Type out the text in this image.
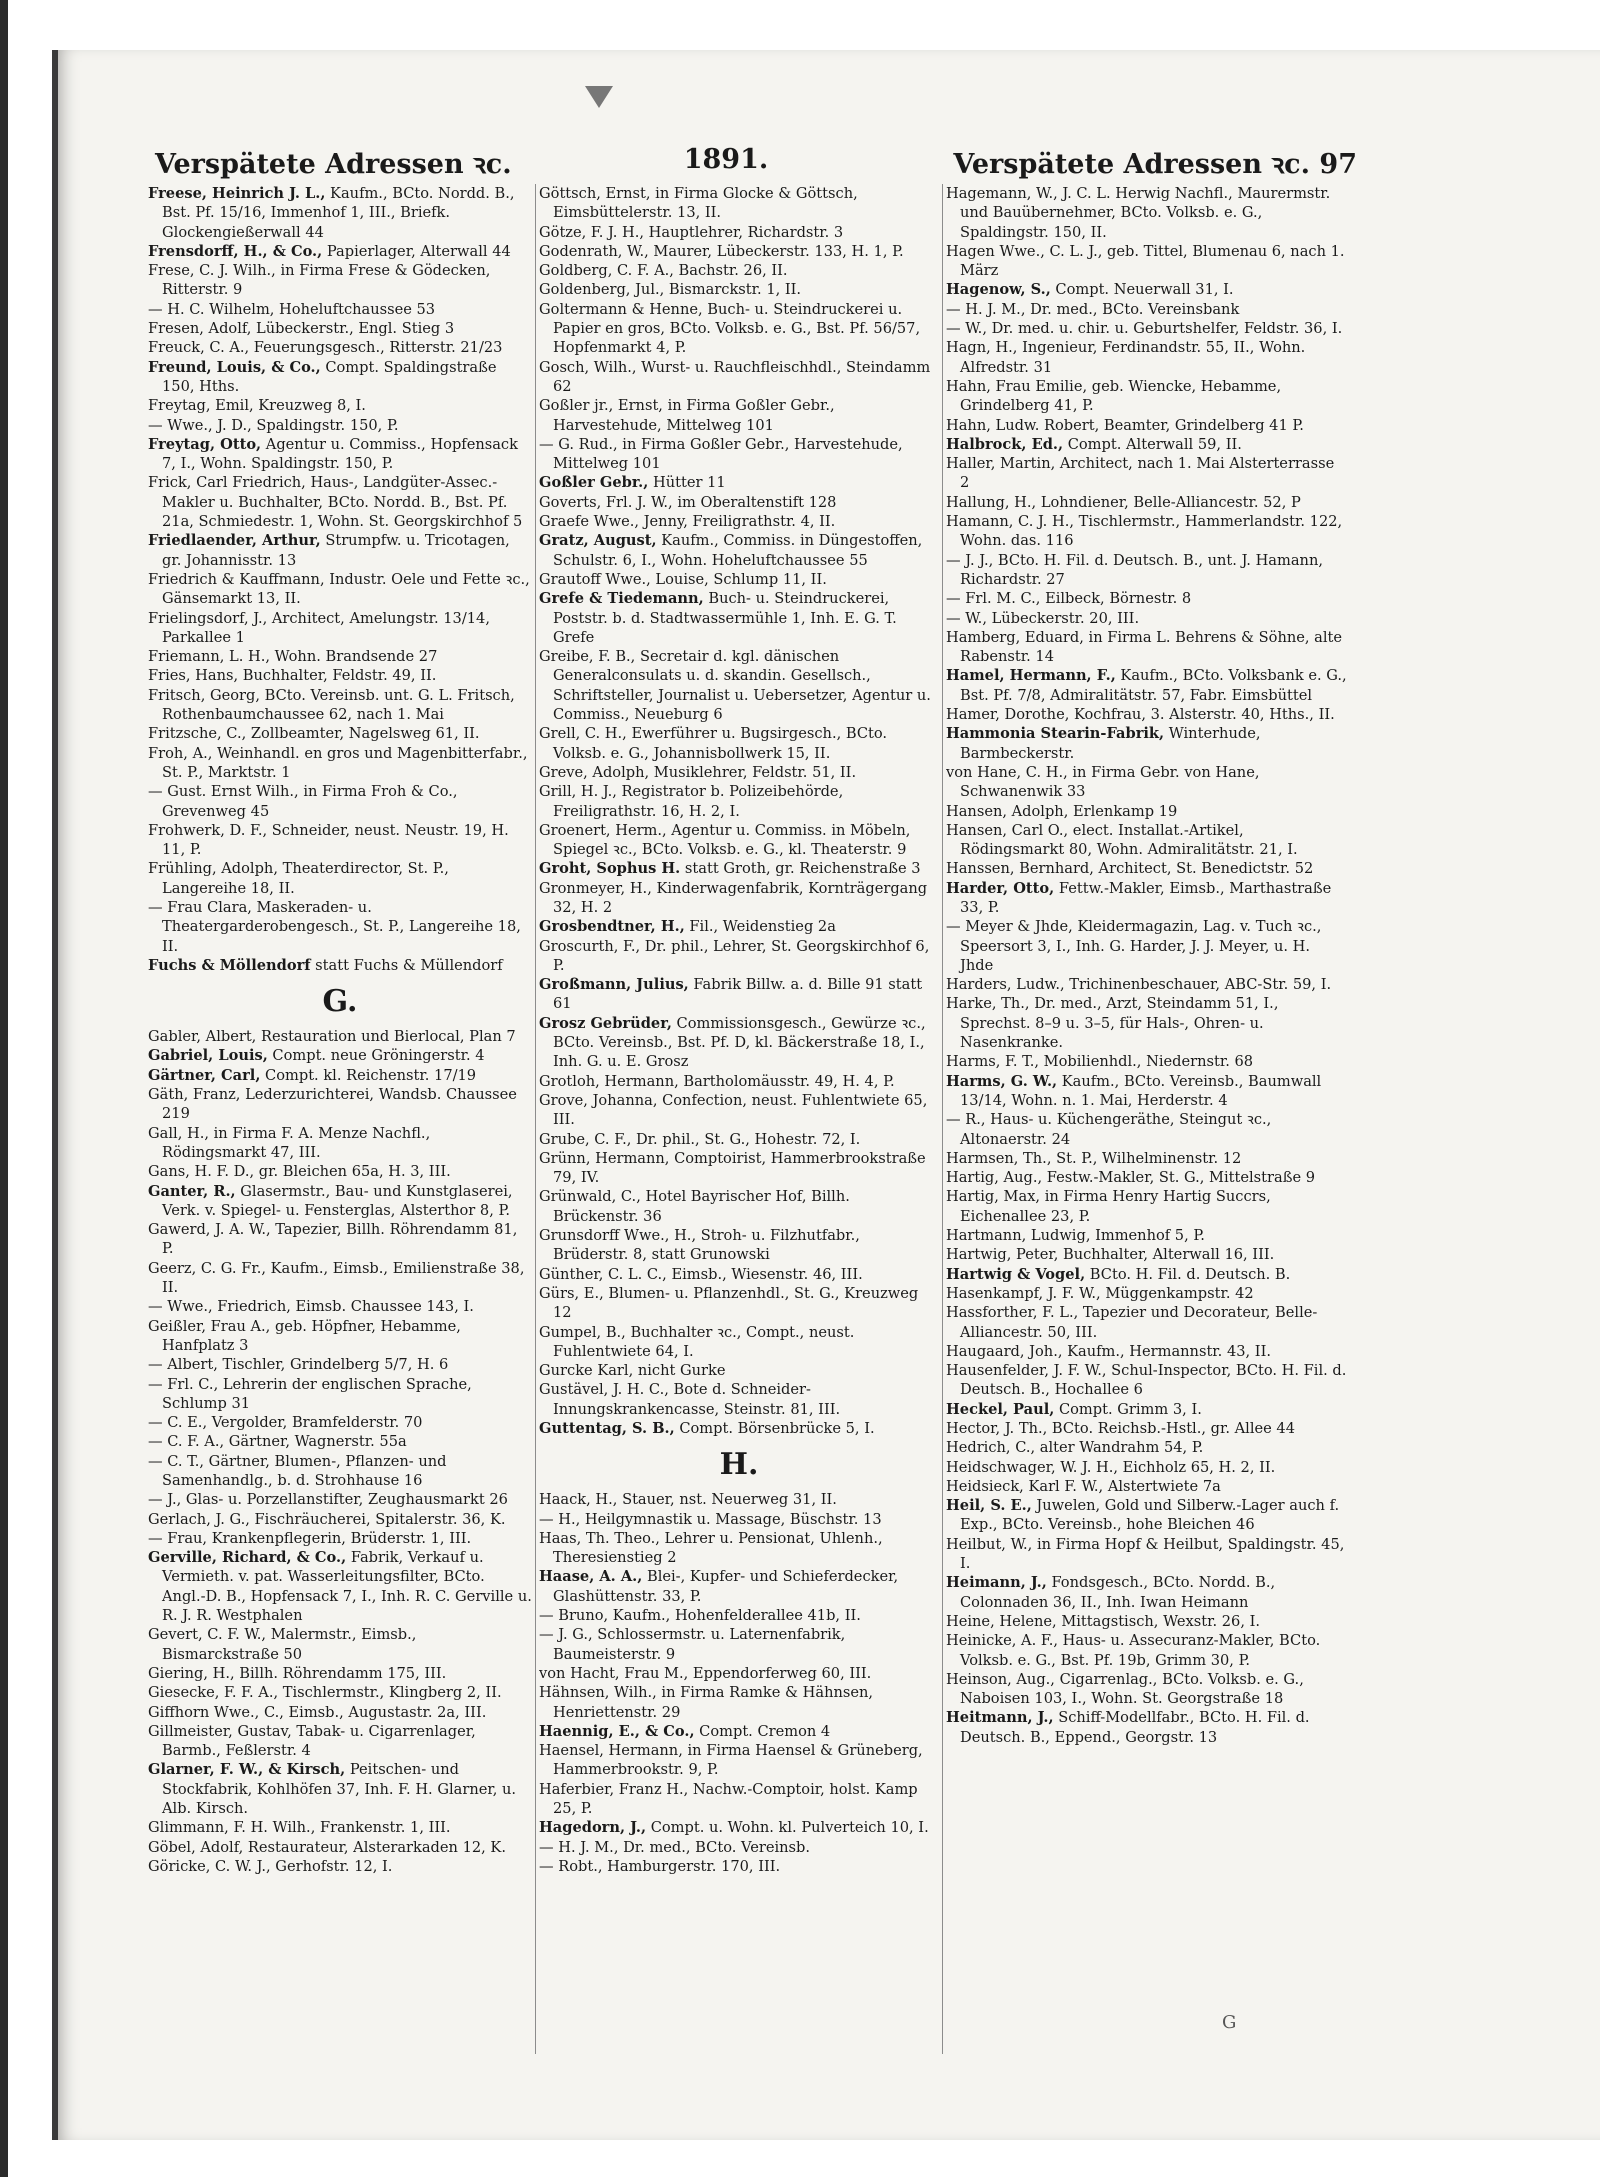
Verspätete Adressen ꝛc.	1891.	Verspätete Adressen ꝛc. 97

Freese, Heinrich J. L., Kaufm., BCto. Nordd. B., Bst. Pf. 15/16, Immenhof 1, III., Briefk. Glockengießerwall 44

Frensdorff, H., & Co., Papierlager, Alterwall 44

Frese, C. J. Wilh., in Firma Frese & Gödecken, Ritterstr. 9

— H. C. Wilhelm, Hoheluftchaussee 53

Fresen, Adolf, Lübeckerstr., Engl. Stieg 3

Freuck, C. A., Feuerungsgesch., Ritterstr. 21/23

Freund, Louis, & Co., Compt. Spaldingstraße 150, Hths.

Freytag, Emil, Kreuzweg 8, I.

— Wwe., J. D., Spaldingstr. 150, P.

Freytag, Otto, Agentur u. Commiss., Hopfensack 7, I., Wohn. Spaldingstr. 150, P.

Frick, Carl Friedrich, Haus-, Landgüter-Assec.-Makler u. Buchhalter, BCto. Nordd. B., Bst. Pf. 21a, Schmiedestr. 1, Wohn. St. Georgskirchhof 5

Friedlaender, Arthur, Strumpfw. u. Tricotagen, gr. Johannisstr. 13

Friedrich & Kauffmann, Industr. Oele und Fette ꝛc., Gänsemarkt 13, II.

Frielingsdorf, J., Architect, Amelungstr. 13/14, Parkallee 1

Friemann, L. H., Wohn. Brandsende 27

Fries, Hans, Buchhalter, Feldstr. 49, II.

Fritsch, Georg, BCto. Vereinsb. unt. G. L. Fritsch, Rothenbaumchaussee 62, nach 1. Mai

Fritzsche, C., Zollbeamter, Nagelsweg 61, II.

Froh, A., Weinhandl. en gros und Magenbitterfabr., St. P., Marktstr. 1

— Gust. Ernst Wilh., in Firma Froh & Co., Grevenweg 45

Frohwerk, D. F., Schneider, neust. Neustr. 19, H. 11, P.

Frühling, Adolph, Theaterdirector, St. P., Langereihe 18, II.

— Frau Clara, Maskeraden- u. Theatergarderobengesch., St. P., Langereihe 18, II.

Fuchs & Möllendorf statt Fuchs & Müllendorf

G.

Gabler, Albert, Restauration und Bierlocal, Plan 7

Gabriel, Louis, Compt. neue Gröningerstr. 4

Gärtner, Carl, Compt. kl. Reichenstr. 17/19

Gäth, Franz, Lederzurichterei, Wandsb. Chaussee 219

Gall, H., in Firma F. A. Menze Nachfl., Rödingsmarkt 47, III.

Gans, H. F. D., gr. Bleichen 65a, H. 3, III.

Ganter, R., Glasermstr., Bau- und Kunstglaserei, Verk. v. Spiegel- u. Fensterglas, Alsterthor 8, P.

Gawerd, J. A. W., Tapezier, Billh. Röhrendamm 81, P.

Geerz, C. G. Fr., Kaufm., Eimsb., Emilienstraße 38, II.

— Wwe., Friedrich, Eimsb. Chaussee 143, I.

Geißler, Frau A., geb. Höpfner, Hebamme, Hanfplatz 3

— Albert, Tischler, Grindelberg 5/7, H. 6

— Frl. C., Lehrerin der englischen Sprache, Schlump 31

— C. E., Vergolder, Bramfelderstr. 70

— C. F. A., Gärtner, Wagnerstr. 55a

— C. T., Gärtner, Blumen-, Pflanzen- und Samenhandlg., b. d. Strohhause 16

— J., Glas- u. Porzellanstifter, Zeughausmarkt 26

Gerlach, J. G., Fischräucherei, Spitalerstr. 36, K.

— Frau, Krankenpflegerin, Brüderstr. 1, III.

Gerville, Richard, & Co., Fabrik, Verkauf u. Vermieth. v. pat. Wasserleitungsfilter, BCto. Angl.-D. B., Hopfensack 7, I., Inh. R. C. Gerville u. R. J. R. Westphalen

Gevert, C. F. W., Malermstr., Eimsb., Bismarckstraße 50

Giering, H., Billh. Röhrendamm 175, III.

Giesecke, F. F. A., Tischlermstr., Klingberg 2, II.

Giffhorn Wwe., C., Eimsb., Augustastr. 2a, III.

Gillmeister, Gustav, Tabak- u. Cigarrenlager, Barmb., Feßlerstr. 4

Glarner, F. W., & Kirsch, Peitschen- und Stockfabrik, Kohlhöfen 37, Inh. F. H. Glarner, u. Alb. Kirsch.

Glimmann, F. H. Wilh., Frankenstr. 1, III.

Göbel, Adolf, Restaurateur, Alsterarkaden 12, K.

Göricke, C. W. J., Gerhofstr. 12, I.

Göttsch, Ernst, in Firma Glocke & Göttsch, Eimsbüttelerstr. 13, II.

Götze, F. J. H., Hauptlehrer, Richardstr. 3

Godenrath, W., Maurer, Lübeckerstr. 133, H. 1, P.

Goldberg, C. F. A., Bachstr. 26, II.

Goldenberg, Jul., Bismarckstr. 1, II.

Goltermann & Henne, Buch- u. Steindruckerei u. Papier en gros, BCto. Volksb. e. G., Bst. Pf. 56/57, Hopfenmarkt 4, P.

Gosch, Wilh., Wurst- u. Rauchfleischhdl., Steindamm 62

Goßler jr., Ernst, in Firma Goßler Gebr., Harvestehude, Mittelweg 101

— G. Rud., in Firma Goßler Gebr., Harvestehude, Mittelweg 101

Goßler Gebr., Hütter 11

Goverts, Frl. J. W., im Oberaltenstift 128

Graefe Wwe., Jenny, Freiligrathstr. 4, II.

Gratz, August, Kaufm., Commiss. in Düngestoffen, Schulstr. 6, I., Wohn. Hoheluftchaussee 55

Grautoff Wwe., Louise, Schlump 11, II.

Grefe & Tiedemann, Buch- u. Steindruckerei, Poststr. b. d. Stadtwassermühle 1, Inh. E. G. T. Grefe

Greibe, F. B., Secretair d. kgl. dänischen Generalconsulats u. d. skandin. Gesellsch., Schriftsteller, Journalist u. Uebersetzer, Agentur u. Commiss., Neueburg 6

Grell, C. H., Ewerführer u. Bugsirgesch., BCto. Volksb. e. G., Johannisbollwerk 15, II.

Greve, Adolph, Musiklehrer, Feldstr. 51, II.

Grill, H. J., Registrator b. Polizeibehörde, Freiligrathstr. 16, H. 2, I.

Groenert, Herm., Agentur u. Commiss. in Möbeln, Spiegel ꝛc., BCto. Volksb. e. G., kl. Theaterstr. 9

Groht, Sophus H. statt Groth, gr. Reichenstraße 3

Gronmeyer, H., Kinderwagenfabrik, Kornträgergang 32, H. 2

Grosbendtner, H., Fil., Weidenstieg 2a

Groscurth, F., Dr. phil., Lehrer, St. Georgskirchhof 6, P.

Großmann, Julius, Fabrik Billw. a. d. Bille 91 statt 61

Grosz Gebrüder, Commissionsgesch., Gewürze ꝛc., BCto. Vereinsb., Bst. Pf. D, kl. Bäckerstraße 18, I., Inh. G. u. E. Grosz

Grotloh, Hermann, Bartholomäusstr. 49, H. 4, P.

Grove, Johanna, Confection, neust. Fuhlentwiete 65, III.

Grube, C. F., Dr. phil., St. G., Hohestr. 72, I.

Grünn, Hermann, Comptoirist, Hammerbrookstraße 79, IV.

Grünwald, C., Hotel Bayrischer Hof, Billh. Brückenstr. 36

Grunsdorff Wwe., H., Stroh- u. Filzhutfabr., Brüderstr. 8, statt Grunowski

Günther, C. L. C., Eimsb., Wiesenstr. 46, III.

Gürs, E., Blumen- u. Pflanzenhdl., St. G., Kreuzweg 12

Gumpel, B., Buchhalter ꝛc., Compt., neust. Fuhlentwiete 64, I.

Gurcke Karl, nicht Gurke

Gustävel, J. H. C., Bote d. Schneider-Innungskrankencasse, Steinstr. 81, III.

Guttentag, S. B., Compt. Börsenbrücke 5, I.

H.

Haack, H., Stauer, nst. Neuerweg 31, II.

— H., Heilgymnastik u. Massage, Büschstr. 13

Haas, Th. Theo., Lehrer u. Pensionat, Uhlenh., Theresienstieg 2

Haase, A. A., Blei-, Kupfer- und Schieferdecker, Glashüttenstr. 33, P.

— Bruno, Kaufm., Hohenfelderallee 41b, II.

— J. G., Schlossermstr. u. Laternenfabrik, Baumeisterstr. 9

von Hacht, Frau M., Eppendorferweg 60, III.

Hähnsen, Wilh., in Firma Ramke & Hähnsen, Henriettenstr. 29

Haennig, E., & Co., Compt. Cremon 4

Haensel, Hermann, in Firma Haensel & Grüneberg, Hammerbrookstr. 9, P.

Haferbier, Franz H., Nachw.-Comptoir, holst. Kamp 25, P.

Hagedorn, J., Compt. u. Wohn. kl. Pulverteich 10, I.

— H. J. M., Dr. med., BCto. Vereinsb.

— Robt., Hamburgerstr. 170, III.

Hagemann, W., J. C. L. Herwig Nachfl., Maurermstr. und Bauübernehmer, BCto. Volksb. e. G., Spaldingstr. 150, II.

Hagen Wwe., C. L. J., geb. Tittel, Blumenau 6, nach 1. März

Hagenow, S., Compt. Neuerwall 31, I.

— H. J. M., Dr. med., BCto. Vereinsbank

— W., Dr. med. u. chir. u. Geburtshelfer, Feldstr. 36, I.

Hagn, H., Ingenieur, Ferdinandstr. 55, II., Wohn. Alfredstr. 31

Hahn, Frau Emilie, geb. Wiencke, Hebamme, Grindelberg 41, P.

Hahn, Ludw. Robert, Beamter, Grindelberg 41 P.

Halbrock, Ed., Compt. Alterwall 59, II.

Haller, Martin, Architect, nach 1. Mai Alsterterrasse 2

Hallung, H., Lohndiener, Belle-Alliancestr. 52, P

Hamann, C. J. H., Tischlermstr., Hammerlandstr. 122, Wohn. das. 116

— J. J., BCto. H. Fil. d. Deutsch. B., unt. J. Hamann, Richardstr. 27

— Frl. M. C., Eilbeck, Börnestr. 8

— W., Lübeckerstr. 20, III.

Hamberg, Eduard, in Firma L. Behrens & Söhne, alte Rabenstr. 14

Hamel, Hermann, F., Kaufm., BCto. Volksbank e. G., Bst. Pf. 7/8, Admiralitätstr. 57, Fabr. Eimsbüttel

Hamer, Dorothe, Kochfrau, 3. Alsterstr. 40, Hths., II.

Hammonia Stearin-Fabrik, Winterhude, Barmbeckerstr.

von Hane, C. H., in Firma Gebr. von Hane, Schwanenwik 33

Hansen, Adolph, Erlenkamp 19

Hansen, Carl O., elect. Installat.-Artikel, Rödingsmarkt 80, Wohn. Admiralitätstr. 21, I.

Hanssen, Bernhard, Architect, St. Benedictstr. 52

Harder, Otto, Fettw.-Makler, Eimsb., Marthastraße 33, P.

— Meyer & Jhde, Kleidermagazin, Lag. v. Tuch ꝛc., Speersort 3, I., Inh. G. Harder, J. J. Meyer, u. H. Jhde

Harders, Ludw., Trichinenbeschauer, ABC-Str. 59, I.

Harke, Th., Dr. med., Arzt, Steindamm 51, I., Sprechst. 8–9 u. 3–5, für Hals-, Ohren- u. Nasenkranke.

Harms, F. T., Mobilienhdl., Niedernstr. 68

Harms, G. W., Kaufm., BCto. Vereinsb., Baumwall 13/14, Wohn. n. 1. Mai, Herderstr. 4

— R., Haus- u. Küchengeräthe, Steingut ꝛc., Altonaerstr. 24

Harmsen, Th., St. P., Wilhelminenstr. 12

Hartig, Aug., Festw.-Makler, St. G., Mittelstraße 9

Hartig, Max, in Firma Henry Hartig Succrs, Eichenallee 23, P.

Hartmann, Ludwig, Immenhof 5, P.

Hartwig, Peter, Buchhalter, Alterwall 16, III.

Hartwig & Vogel, BCto. H. Fil. d. Deutsch. B.

Hasenkampf, J. F. W., Müggenkampstr. 42

Hassforther, F. L., Tapezier und Decorateur, Belle-Alliancestr. 50, III.

Haugaard, Joh., Kaufm., Hermannstr. 43, II.

Hausenfelder, J. F. W., Schul-Inspector, BCto. H. Fil. d. Deutsch. B., Hochallee 6

Heckel, Paul, Compt. Grimm 3, I.

Hector, J. Th., BCto. Reichsb.-Hstl., gr. Allee 44

Hedrich, C., alter Wandrahm 54, P.

Heidschwager, W. J. H., Eichholz 65, H. 2, II.

Heidsieck, Karl F. W., Alstertwiete 7a

Heil, S. E., Juwelen, Gold und Silberw.-Lager auch f. Exp., BCto. Vereinsb., hohe Bleichen 46

Heilbut, W., in Firma Hopf & Heilbut, Spaldingstr. 45, I.

Heimann, J., Fondsgesch., BCto. Nordd. B., Colonnaden 36, II., Inh. Iwan Heimann

Heine, Helene, Mittagstisch, Wexstr. 26, I.

Heinicke, A. F., Haus- u. Assecuranz-Makler, BCto. Volksb. e. G., Bst. Pf. 19b, Grimm 30, P.

Heinson, Aug., Cigarrenlag., BCto. Volksb. e. G., Naboisen 103, I., Wohn. St. Georgstraße 18

Heitmann, J., Schiff-Modellfabr., BCto. H. Fil. d. Deutsch. B., Eppend., Georgstr. 13

G
